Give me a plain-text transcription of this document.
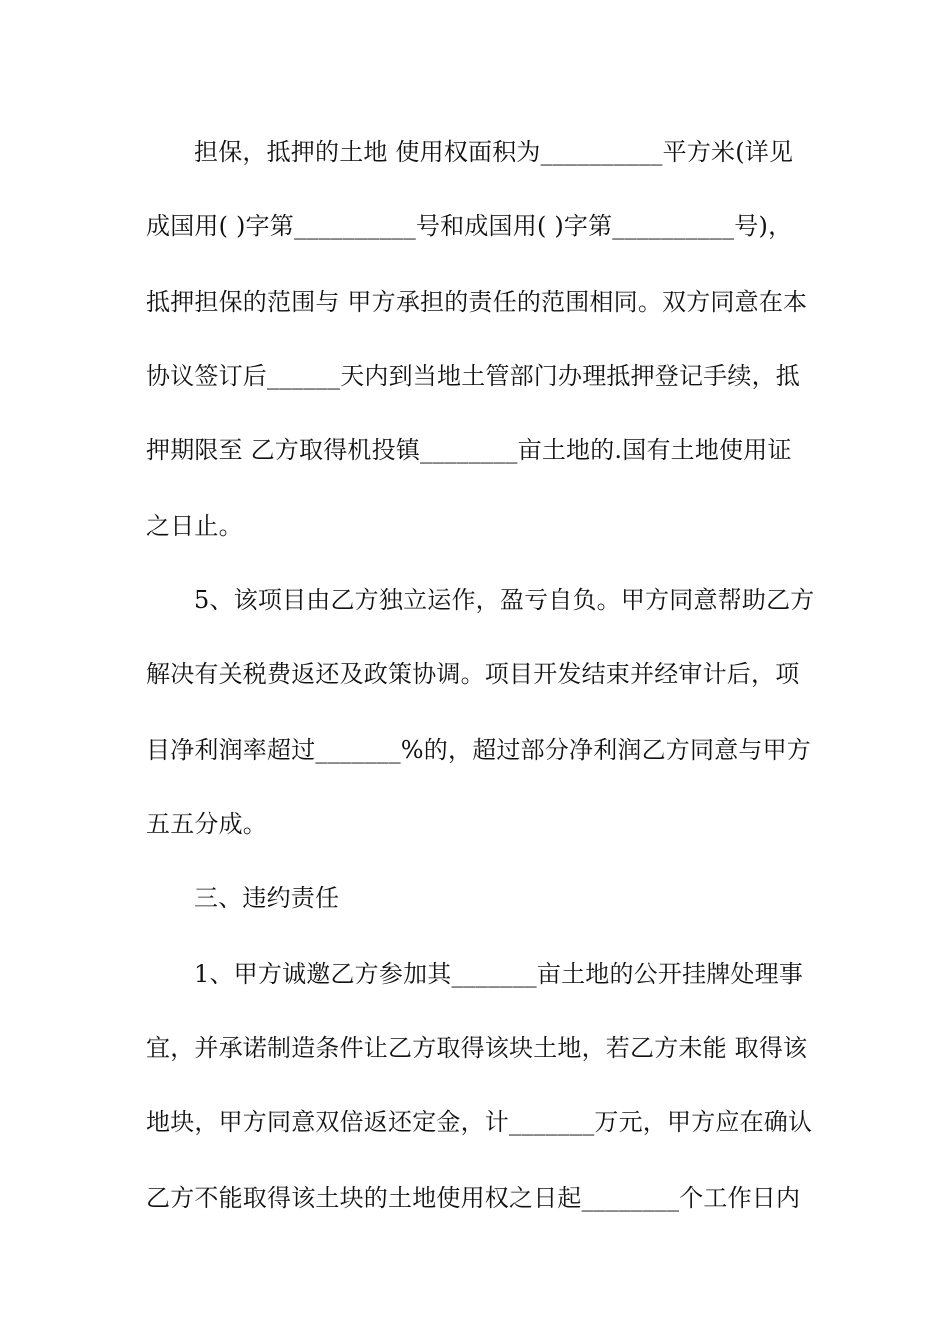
担保，抵押的土地 使用权面积为__________平方米(详见
成国用( )字第__________号和成国用( )字第__________号)，
抵押担保的范围与 甲方承担的责任的范围相同。双方同意在本
协议签订后______天内到当地土管部门办理抵押登记手续，抵
押期限至 乙方取得机投镇________亩土地的.国有土地使用证
之日止。
5、该项目由乙方独立运作，盈亏自负。甲方同意帮助乙方
解决有关税费返还及政策协调。项目开发结束并经审计后，项
目净利润率超过_______%的，超过部分净利润乙方同意与甲方
五五分成。
三、违约责任
1、甲方诚邀乙方参加其_______亩土地的公开挂牌处理事
宜，并承诺制造条件让乙方取得该块土地，若乙方未能 取得该
地块，甲方同意双倍返还定金，计_______万元，甲方应在确认
乙方不能取得该土块的土地使用权之日起________个工作日内
